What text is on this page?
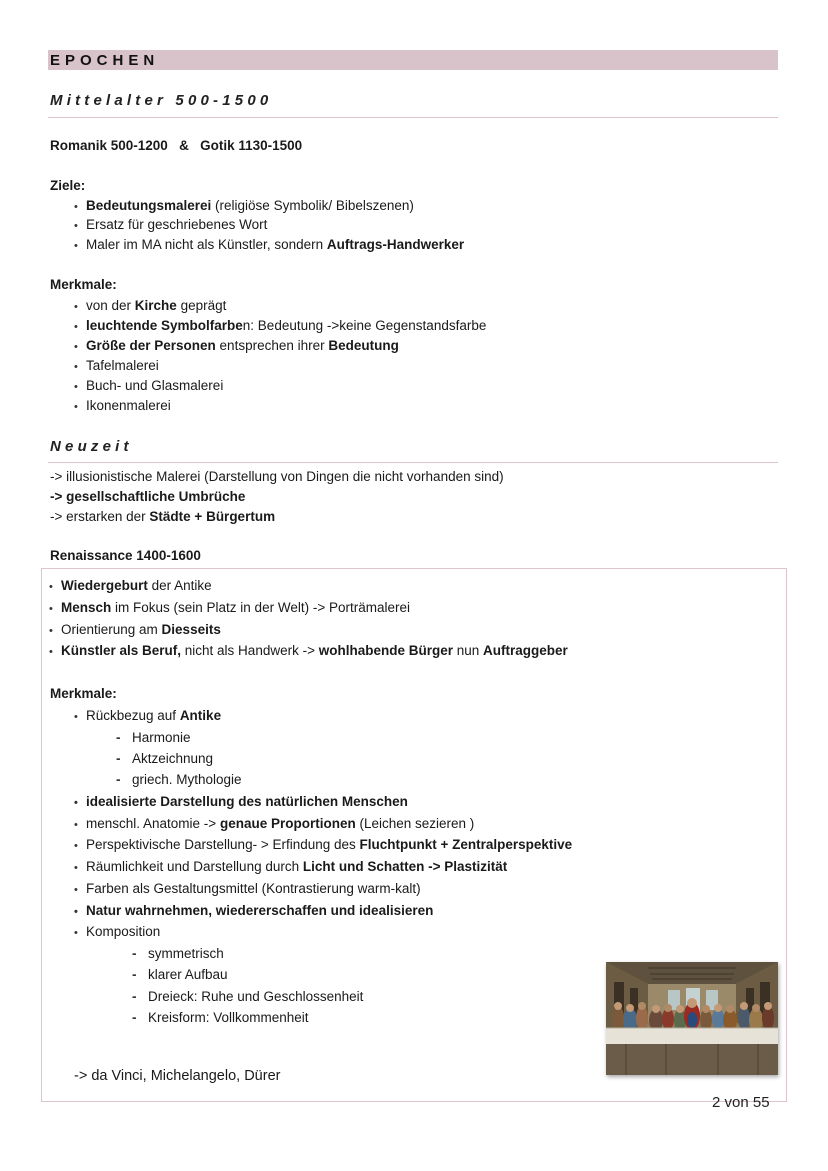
EPOCHEN
Mittelalter 500-1500
Romanik 500-1200 & Gotik 1130-1500
Ziele:
• Bedeutungsmalerei (religiöse Symbolik/ Bibelszenen)
• Ersatz für geschriebenes Wort
• Maler im MA nicht als Künstler, sondern Auftrags-Handwerker
Merkmale:
• von der Kirche geprägt
• leuchtende Symbolfarben: Bedeutung ->keine Gegenstandsfarbe
• Größe der Personen entsprechen ihrer Bedeutung
• Tafelmalerei
• Buch- und Glasmalerei
• Ikonenmalerei
Neuzeit
-> illusionistische Malerei (Darstellung von Dingen die nicht vorhanden sind)
-> gesellschaftliche Umbrüche
-> erstarken der Städte + Bürgertum
Renaissance 1400-1600
• Wiedergeburt der Antike
• Mensch im Fokus (sein Platz in der Welt) -> Porträmalerei
• Orientierung am Diesseits
• Künstler als Beruf, nicht als Handwerk -> wohlhabende Bürger nun Auftraggeber
Merkmale:
• Rückbezug auf Antike
- Harmonie
- Aktzeichnung
- griech. Mythologie
• idealisierte Darstellung des natürlichen Menschen
• menschl. Anatomie -> genaue Proportionen (Leichen sezieren )
• Perspektivische Darstellung- > Erfindung des Fluchtpunkt + Zentralperspektive
• Räumlichkeit und Darstellung durch Licht und Schatten -> Plastizität
• Farben als Gestaltungsmittel (Kontrastierung warm-kalt)
• Natur wahrnehmen, wiedererschaffen und idealisieren
• Komposition
- symmetrisch
- klarer Aufbau
- Dreieck: Ruhe und Geschlossenheit
- Kreisform: Vollkommenheit
-> da Vinci, Michelangelo, Dürer
2 von 55
